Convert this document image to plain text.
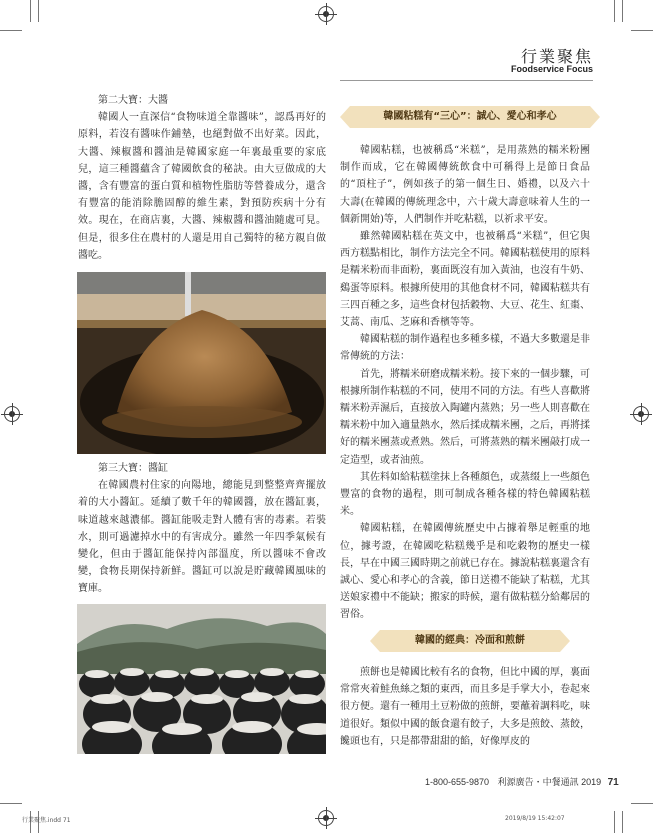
行業聚焦
Foodservice Focus

第二大寶：大醬

韓國人一直深信“食物味道全靠醬味”，認爲再好的原料，若沒有醬味作鋪墊，也絕對做不出好菜。因此，大醬、辣椒醬和醬油是韓國家庭一年裏最重要的家底兒，這三種醬蘊含了韓國飲食的秘訣。由大豆做成的大醬，含有豐富的蛋白質和植物性脂肪等營養成分，還含有豐富的能消除膽固醇的維生素，對預防疾病十分有效。現在，在商店裏，大醬、辣椒醬和醬油隨處可見。但是，很多住在農村的人還是用自己獨特的秘方親自做醬吃。

第三大寶：醬缸

在韓國農村住家的向陽地，總能見到整整齊齊擺放着的大小醬缸。延續了數千年的韓國醬，放在醬缸裏，味道越來越濃郁。醬缸能吸走對人體有害的毒素。若裝水，則可過濾掉水中的有害成分。雖然一年四季氣候有變化，但由于醬缸能保持內部溫度，所以醬味不會改變，食物長期保持新鮮。醬缸可以說是貯藏韓國風味的寶庫。

韓國粘糕有“三心”：誠心、愛心和孝心

韓國粘糕，也被稱爲“米糕”，是用蒸熟的糯米粉團制作而成，它在韓國傳統飲食中可稱得上是節日食品的“頂柱子”，例如孩子的第一個生日、婚禮，以及六十大壽(在韓國的傳統理念中，六十歲大壽意味着人生的一個新開始)等，人們制作并吃粘糕，以祈求平安。

雖然韓國粘糕在英文中，也被稱爲“米糕”，但它與西方糕點相比，制作方法完全不同。韓國粘糕使用的原料是糯米粉而非面粉，裏面既沒有加入黃油，也沒有牛奶、鷄蛋等原料。根據所使用的其他食材不同，韓國粘糕共有三四百種之多，這些食材包括穀物、大豆、花生、紅棗、艾蒿、南瓜、芝麻和香檳等等。

韓國粘糕的制作過程也多種多樣，不過大多數還是非常傳統的方法：

首先，將糯米研磨成糯米粉。接下來的一個步驟，可根據所制作粘糕的不同，使用不同的方法。有些人喜歡將糯米粉弄濕后，直接放入陶罐内蒸熟；另一些人則喜歡在糯米粉中加入適量熱水，然后揉成糯米團，之后，再將揉好的糯米團蒸或煮熟。然后，可將蒸熟的糯米團敲打成一定造型，或者油煎。

其佐料如給粘糕塗抹上各種顏色，或蒸缀上一些顏色豐富的食物的過程，則可制成各種各樣的特色韓國粘糕米。

韓國粘糕，在韓國傳統歷史中占據着舉足輕重的地位，據考證，在韓國吃粘糕幾乎是和吃穀物的歷史一樣長，早在中國三國時期之前就已存在。據說粘糕裏還含有誠心、愛心和孝心的含義，節日送禮不能缺了粘糕，尤其送娘家禮中不能缺；搬家的時候，還有做粘糕分給鄰居的習俗。

韓國的經典：冷面和煎餅

煎餅也是韓國比較有名的食物，但比中國的厚，裏面常常夾着鮭魚絲之類的東西，而且多是手掌大小，卷起來很方便。還有一種用土豆粉做的煎餅，要蘸着調料吃，味道很好。類似中國的飯食還有餃子，大多是煎餃、蒸餃，饞頭也有，只是都帶甜甜的餡，好像厚皮的

1-800-655-9870 利源廣告・中餐通訊 2019 71
行業聚焦.indd 71	2019/8/19 15:42:07
